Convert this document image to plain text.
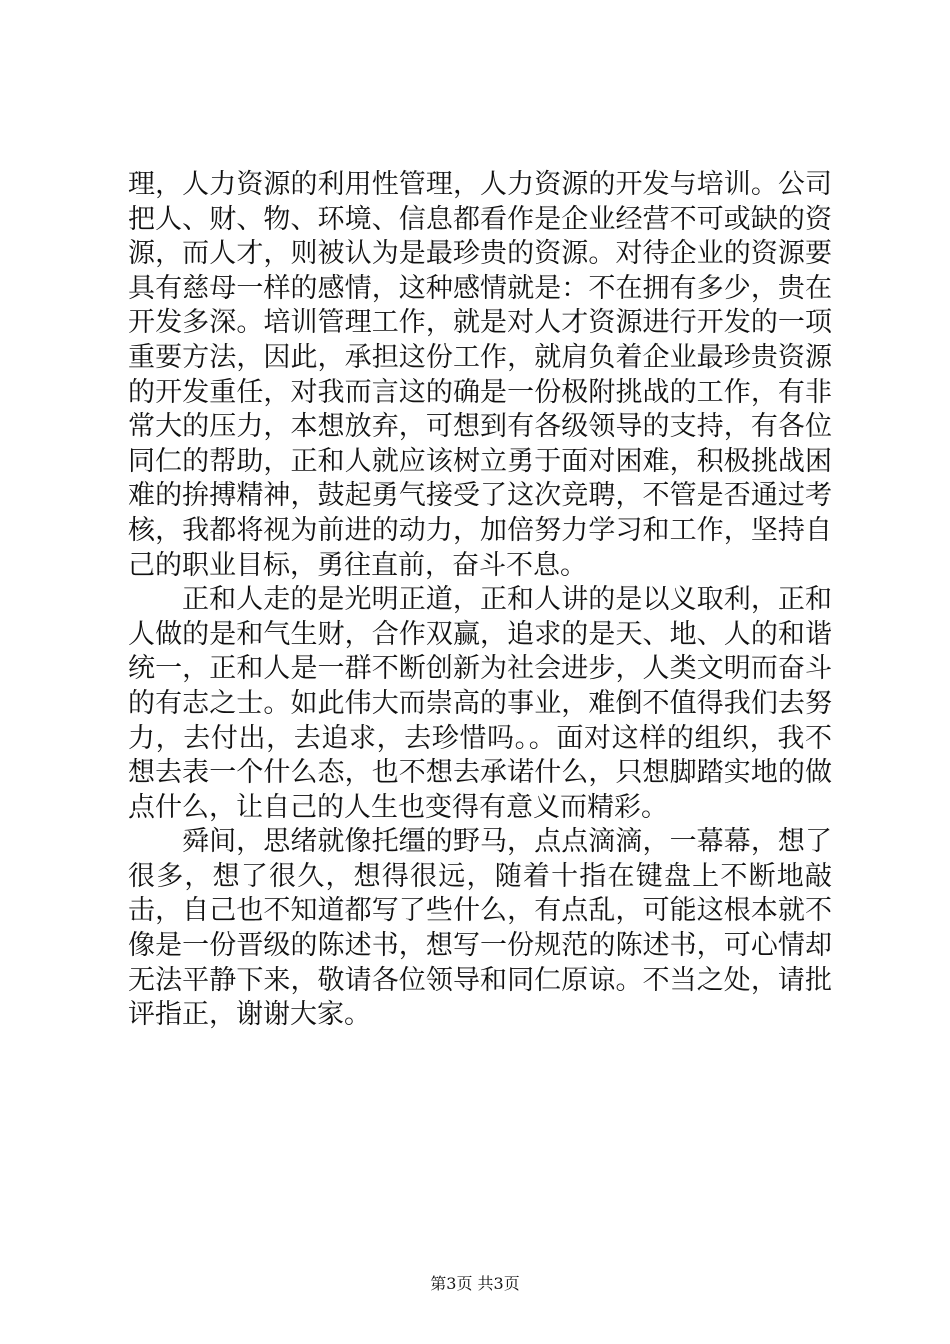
理，人力资源的利用性管理，人力资源的开发与培训。公司把人、财、物、环境、信息都看作是企业经营不可或缺的资源，而人才，则被认为是最珍贵的资源。对待企业的资源要具有慈母一样的感情，这种感情就是：不在拥有多少，贵在开发多深。培训管理工作，就是对人才资源进行开发的一项重要方法，因此，承担这份工作，就肩负着企业最珍贵资源的开发重任，对我而言这的确是一份极附挑战的工作，有非常大的压力，本想放弃，可想到有各级领导的支持，有各位同仁的帮助，正和人就应该树立勇于面对困难，积极挑战困难的拚搏精神，鼓起勇气接受了这次竞聘，不管是否通过考核，我都将视为前进的动力，加倍努力学习和工作，坚持自己的职业目标，勇往直前，奋斗不息。

正和人走的是光明正道，正和人讲的是以义取利，正和人做的是和气生财，合作双赢，追求的是天、地、人的和谐统一，正和人是一群不断创新为社会进步，人类文明而奋斗的有志之士。如此伟大而崇高的事业，难倒不值得我们去努力，去付出，去追求，去珍惜吗。。面对这样的组织，我不想去表一个什么态，也不想去承诺什么，只想脚踏实地的做点什么，让自己的人生也变得有意义而精彩。

舜间，思绪就像托缰的野马，点点滴滴，一幕幕，想了很多，想了很久，想得很远，随着十指在键盘上不断地敲击，自己也不知道都写了些什么，有点乱，可能这根本就不像是一份晋级的陈述书，想写一份规范的陈述书，可心情却无法平静下来，敬请各位领导和同仁原谅。不当之处，请批评指正，谢谢大家。

第3页 共3页
